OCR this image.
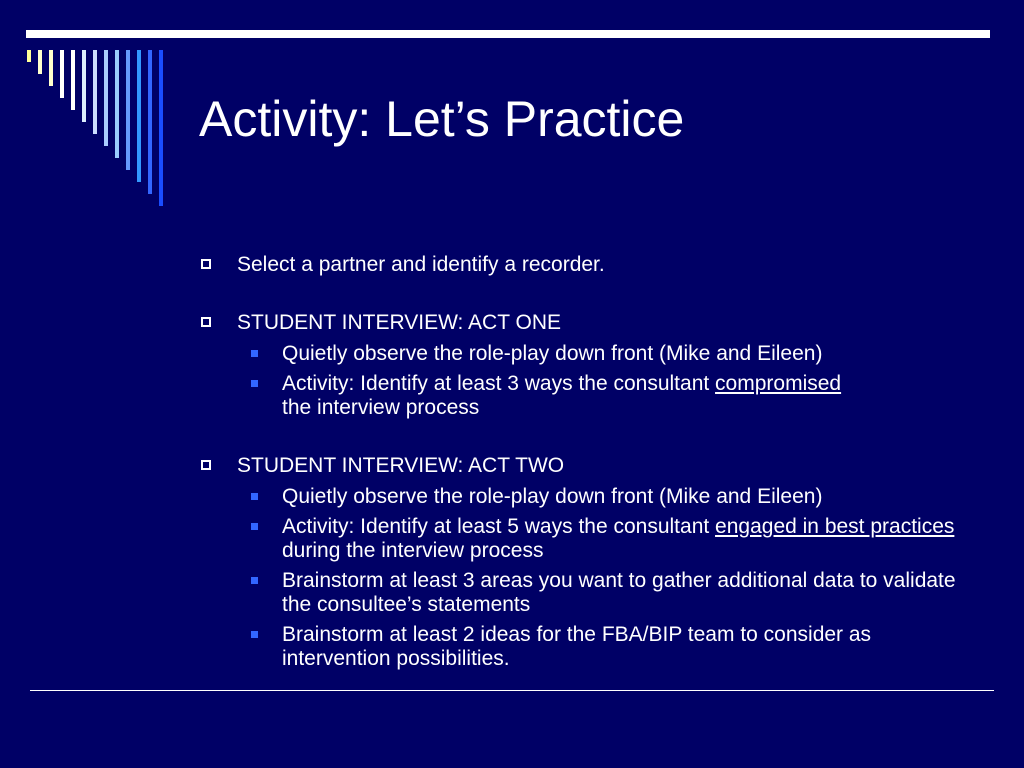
Activity: Let’s Practice
Select a partner and identify a recorder.
STUDENT INTERVIEW: ACT ONE
Quietly observe the role-play down front (Mike and Eileen)
Activity: Identify at least 3 ways the consultant compromised
the interview process
STUDENT INTERVIEW: ACT TWO
Quietly observe the role-play down front (Mike and Eileen)
Activity: Identify at least 5 ways the consultant engaged in best practices during the interview process
Brainstorm at least 3 areas you want to gather additional data to validate the consultee’s statements
Brainstorm at least 2 ideas for the FBA/BIP team to consider as intervention possibilities.
